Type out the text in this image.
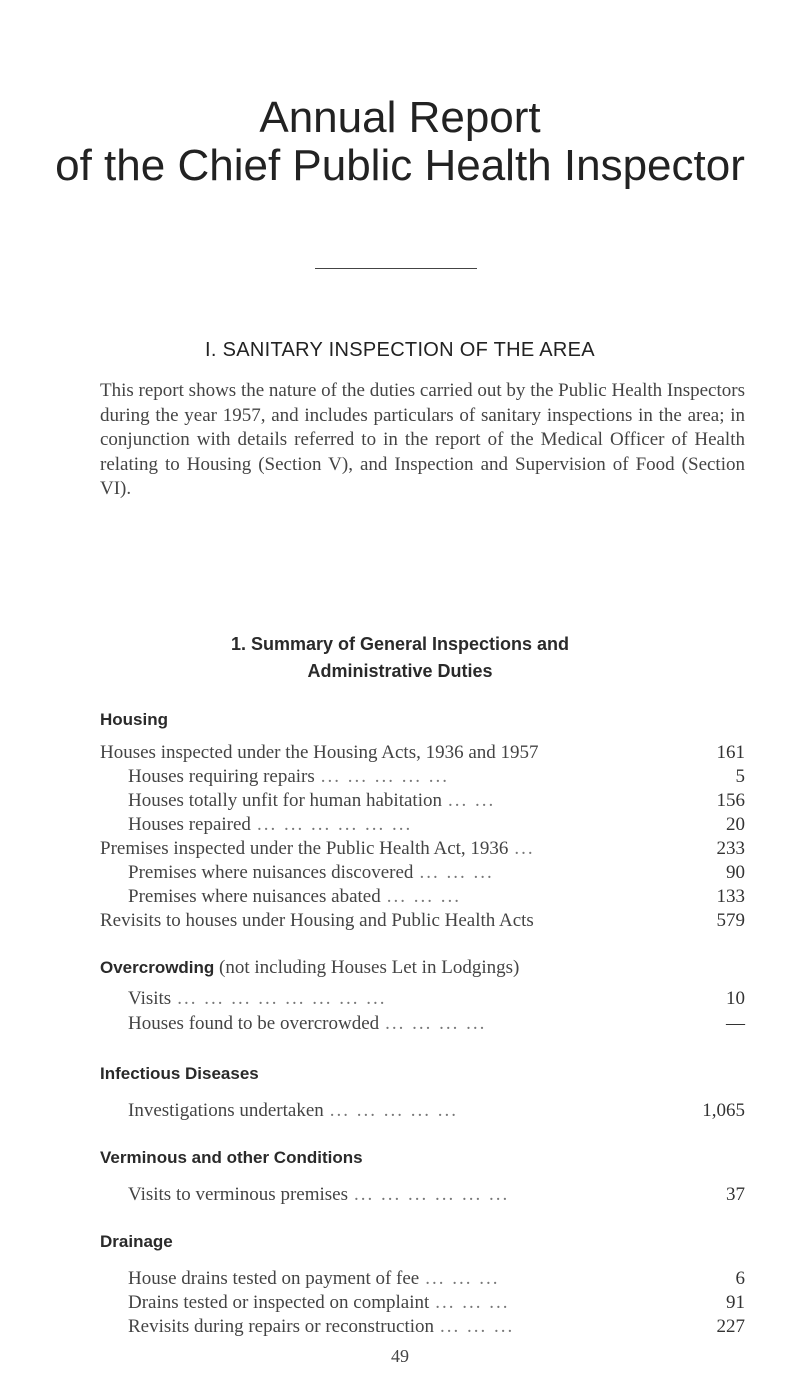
Annual Report
of the Chief Public Health Inspector
I. SANITARY INSPECTION OF THE AREA
This report shows the nature of the duties carried out by the Public Health Inspectors during the year 1957, and includes particulars of sanitary inspections in the area; in conjunction with details referred to in the report of the Medical Officer of Health relating to Housing (Section V), and Inspection and Supervision of Food (Section VI).
1. Summary of General Inspections and
Administrative Duties
Housing
Houses inspected under the Housing Acts, 1936 and 1957	161
Houses requiring repairs ... ... ... ... ...	5
Houses totally unfit for human habitation ... ...	156
Houses repaired ... ... ... ... ... ...	20
Premises inspected under the Public Health Act, 1936 ...	233
Premises where nuisances discovered ... ... ...	90
Premises where nuisances abated ... ... ...	133
Revisits to houses under Housing and Public Health Acts	579
Overcrowding (not including Houses Let in Lodgings)
Visits ... ... ... ... ... ... ... ...	10
Houses found to be overcrowded ... ... ... ...	—
Infectious Diseases
Investigations undertaken ... ... ... ... ...	1,065
Verminous and other Conditions
Visits to verminous premises ... ... ... ... ... ...	37
Drainage
House drains tested on payment of fee ... ... ...	6
Drains tested or inspected on complaint ... ... ...	91
Revisits during repairs or reconstruction ... ... ...	227
49
